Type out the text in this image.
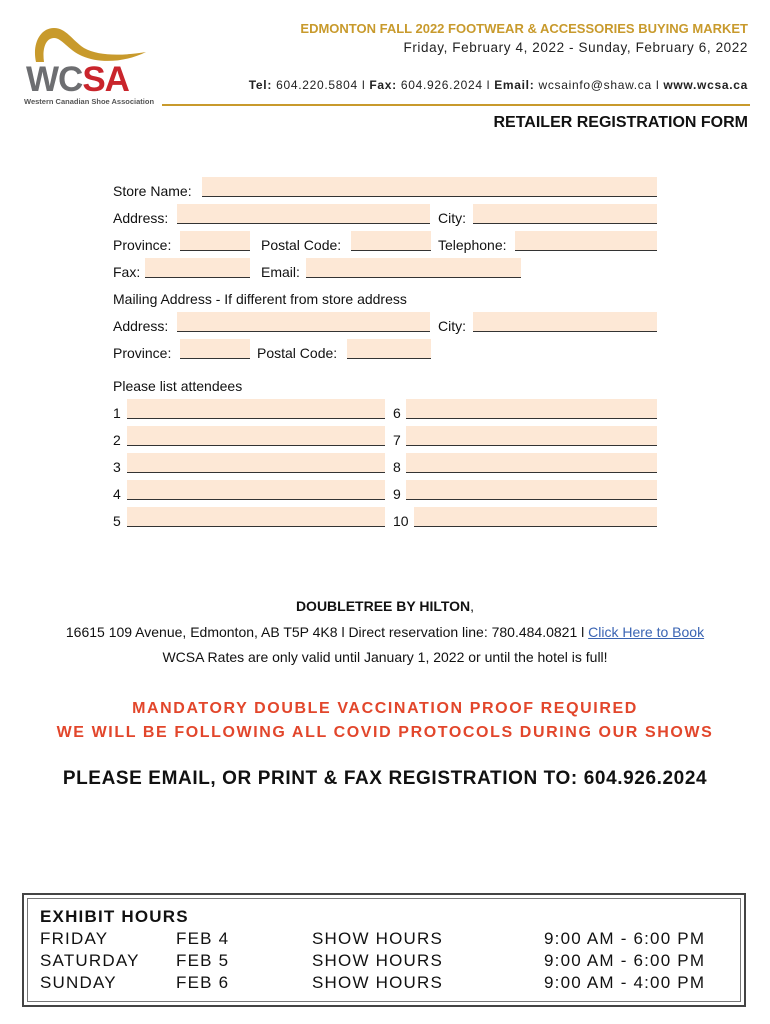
WCSA
Western Canadian Shoe Association
EDMONTON FALL 2022 FOOTWEAR & ACCESSORIES BUYING MARKET
Friday, February 4, 2022 - Sunday, February 6, 2022
Tel: 604.220.5804 l Fax: 604.926.2024 l Email: wcsainfo@shaw.ca l www.wcsa.ca
RETAILER REGISTRATION FORM
Store Name:
Address:	City:
Province:	Postal Code:	Telephone:
Fax:	Email:
Mailing Address - If different from store address
Address:	City:
Province:	Postal Code:
Please list attendees
1	6
2	7
3	8
4	9
5	10
DOUBLETREE BY HILTON,
16615 109 Avenue, Edmonton, AB T5P 4K8 l Direct reservation line: 780.484.0821 l Click Here to Book
WCSA Rates are only valid until January 1, 2022 or until the hotel is full!
MANDATORY DOUBLE VACCINATION PROOF REQUIRED
WE WILL BE FOLLOWING ALL COVID PROTOCOLS DURING OUR SHOWS
PLEASE EMAIL, OR PRINT & FAX REGISTRATION TO: 604.926.2024
EXHIBIT HOURS
FRIDAY	FEB 4	SHOW HOURS	9:00 AM - 6:00 PM
SATURDAY FEB 5	SHOW HOURS	9:00 AM - 6:00 PM
SUNDAY	FEB 6	SHOW HOURS	9:00 AM - 4:00 PM
